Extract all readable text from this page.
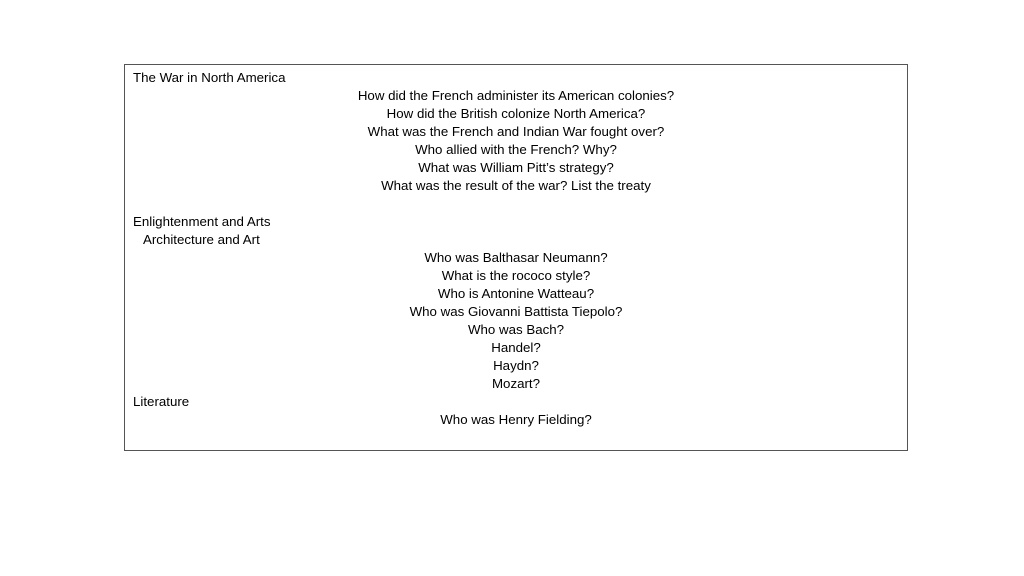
The War in North America
How did the French administer its American colonies?
How did the British colonize North America?
What was the French and Indian War fought over?
Who allied with the French? Why?
What was William Pitt’s strategy?
What was the result of the war? List the treaty
Enlightenment and Arts
Architecture and Art
Who was Balthasar Neumann?
What is the rococo style?
Who is Antonine Watteau?
Who was Giovanni Battista Tiepolo?
Who was Bach?
Handel?
Haydn?
Mozart?
Literature
Who was Henry Fielding?
